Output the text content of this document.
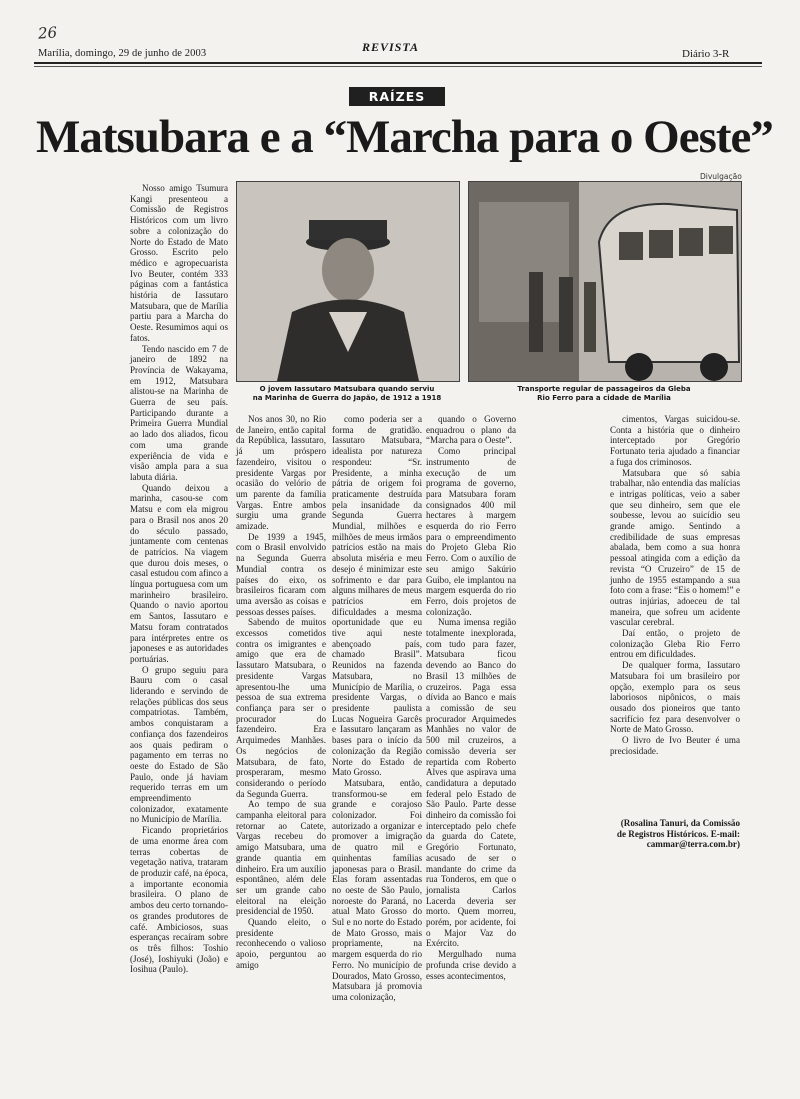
26
Marília, domingo, 29 de junho de 2003	REVISTA	Diário 3-R
RAÍZES
Matsubara e a “Marcha para o Oeste”
Divulgação
O jovem Iassutaro Matsubara quando serviu
na Marinha de Guerra do Japão, de 1912 a 1918
Transporte regular de passageiros da Gleba
Rio Ferro para a cidade de Marília

Nosso amigo Tsumura Kangi presenteou a Comissão de Registros Históricos com um livro sobre a colonização do Norte do Estado de Mato Grosso. Escrito pelo médico e agropecuarista Ivo Beuter, contém 333 páginas com a fantástica história de Iassutaro Matsubara, que de Marília partiu para a Marcha do Oeste. Resumimos aqui os fatos.

Tendo nascido em 7 de janeiro de 1892 na Província de Wakayama, em 1912, Matsubara alistou-se na Marinha de Guerra de seu país. Participando durante a Primeira Guerra Mundial ao lado dos aliados, ficou com uma grande experiência de vida e visão ampla para a sua labuta diária.

Quando deixou a marinha, casou-se com Matsu e com ela migrou para o Brasil nos anos 20 do século passado, juntamente com centenas de patrícios. Na viagem que durou dois meses, o casal estudou com afinco a língua portuguesa com um marinheiro brasileiro. Quando o navio aportou em Santos, Iassutaro e Matsu foram contratados para intérpretes entre os japoneses e as autoridades portuárias.

O grupo seguiu para Bauru com o casal liderando e servindo de relações públicas dos seus compatriotas. Também, ambos conquistaram a confiança dos fazendeiros aos quais pediram o pagamento em terras no oeste do Estado de São Paulo, onde já haviam requerido terras em um empreendimento colonizador, exatamente no Município de Marília.

Ficando proprietários de uma enorme área com terras cobertas de vegetação nativa, trataram de produzir café, na época, a importante economia brasileira. O plano de ambos deu certo tornando-os grandes produtores de café. Ambiciosos, suas esperanças recaíram sobre os três filhos: Toshio (José), Ioshiyuki (João) e Iosihua (Paulo).

Nos anos 30, no Rio de Janeiro, então capital da República, Iassutaro, já um próspero fazendeiro, visitou o presidente Vargas por ocasião do velório de um parente da família Vargas. Entre ambos surgiu uma grande amizade.

De 1939 a 1945, com o Brasil envolvido na Segunda Guerra Mundial contra os países do eixo, os brasileiros ficaram com uma aversão as coisas e pessoas desses países.

Sabendo de muitos excessos cometidos contra os imigrantes e amigo que era de Iassutaro Matsubara, o presidente Vargas apresentou-lhe uma pessoa de sua extrema confiança para ser o procurador do fazendeiro. Era Arquimedes Manhães. Os negócios de Matsubara, de fato, prosperaram, mesmo considerando o período da Segunda Guerra.

Ao tempo de sua campanha eleitoral para retornar ao Catete, Vargas recebeu do amigo Matsubara, uma grande quantia em dinheiro. Era um auxílio espontâneo, além dele ser um grande cabo eleitoral na eleição presidencial de 1950.

Quando eleito, o presidente reconhecendo o valioso apoio, perguntou ao amigo

como poderia ser a forma de gratidão. Iassutaro Matsubara, idealista por natureza respondeu: “Sr. Presidente, a minha pátria de origem foi praticamente destruída pela insanidade da Segunda Guerra Mundial, milhões e milhões de meus irmãos patrícios estão na mais absoluta miséria e meu desejo é minimizar este sofrimento e dar para alguns milhares de meus patrícios em dificuldades a mesma oportunidade que eu tive aqui neste abençoado país, chamado Brasil”. Reunidos na fazenda Matsubara, no Município de Marília, o presidente Vargas, o presidente paulista Lucas Nogueira Garcês e Iassutaro lançaram as bases para o início da colonização da Região Norte do Estado de Mato Grosso.

Matsubara, então, transformou-se em grande e corajoso colonizador. Foi autorizado a organizar e promover a imigração de quatro mil e quinhentas famílias japonesas para o Brasil. Elas foram assentadas no oeste de São Paulo, noroeste do Paraná, no atual Mato Grosso do Sul e no norte do Estado de Mato Grosso, mais propriamente, na margem esquerda do rio Ferro. No município de Dourados, Mato Grosso, Matsubara já promovia uma colonização,

quando o Governo enquadrou o plano da “Marcha para o Oeste”.

Como principal instrumento de execução de um programa de governo, para Matsubara foram consignados 400 mil hectares à margem esquerda do rio Ferro para o empreendimento do Projeto Gleba Rio Ferro. Com o auxílio de seu amigo Sakúrio Guibo, ele implantou na margem esquerda do rio Ferro, dois projetos de colonização.

Numa imensa região totalmente inexplorada, com tudo para fazer, Matsubara ficou devendo ao Banco do Brasil 13 milhões de cruzeiros. Paga essa dívida ao Banco e mais a comissão de seu procurador Arquimedes Manhães no valor de 500 mil cruzeiros, a comissão deveria ser repartida com Roberto Alves que aspirava uma candidatura a deputado federal pelo Estado de São Paulo. Parte desse dinheiro da comissão foi interceptado pelo chefe da guarda do Catete, Gregório Fortunato, acusado de ser o mandante do crime da rua Tonderos, em que o jornalista Carlos Lacerda deveria ser morto. Quem morreu, porém, por acidente, foi o Major Vaz do Exército.

Mergulhado numa profunda crise devido a esses acontecimentos,

cimentos, Vargas suicidou-se. Conta a história que o dinheiro interceptado por Gregório Fortunato teria ajudado a financiar a fuga dos criminosos.

Matsubara que só sabia trabalhar, não entendia das malícias e intrigas políticas, veio a saber que seu dinheiro, sem que ele soubesse, levou ao suicídio seu grande amigo. Sentindo a credibilidade de suas empresas abalada, bem como a sua honra pessoal atingida com a edição da revista “O Cruzeiro” de 15 de junho de 1955 estampando a sua foto com a frase: “Eis o homem!” e outras injúrias, adoeceu de tal maneira, que sofreu um acidente vascular cerebral.

Daí então, o projeto de colonização Gleba Rio Ferro entrou em dificuldades.

De qualquer forma, Iassutaro Matsubara foi um brasileiro por opção, exemplo para os seus laboriosos nipônicos, o mais ousado dos pioneiros que tanto sacrifício fez para desenvolver o Norte de Mato Grosso.

O livro de Ivo Beuter é uma preciosidade.

(Rosalina Tanuri, da Comissão de Registros Históricos. E-mail: cammar@terra.com.br)
